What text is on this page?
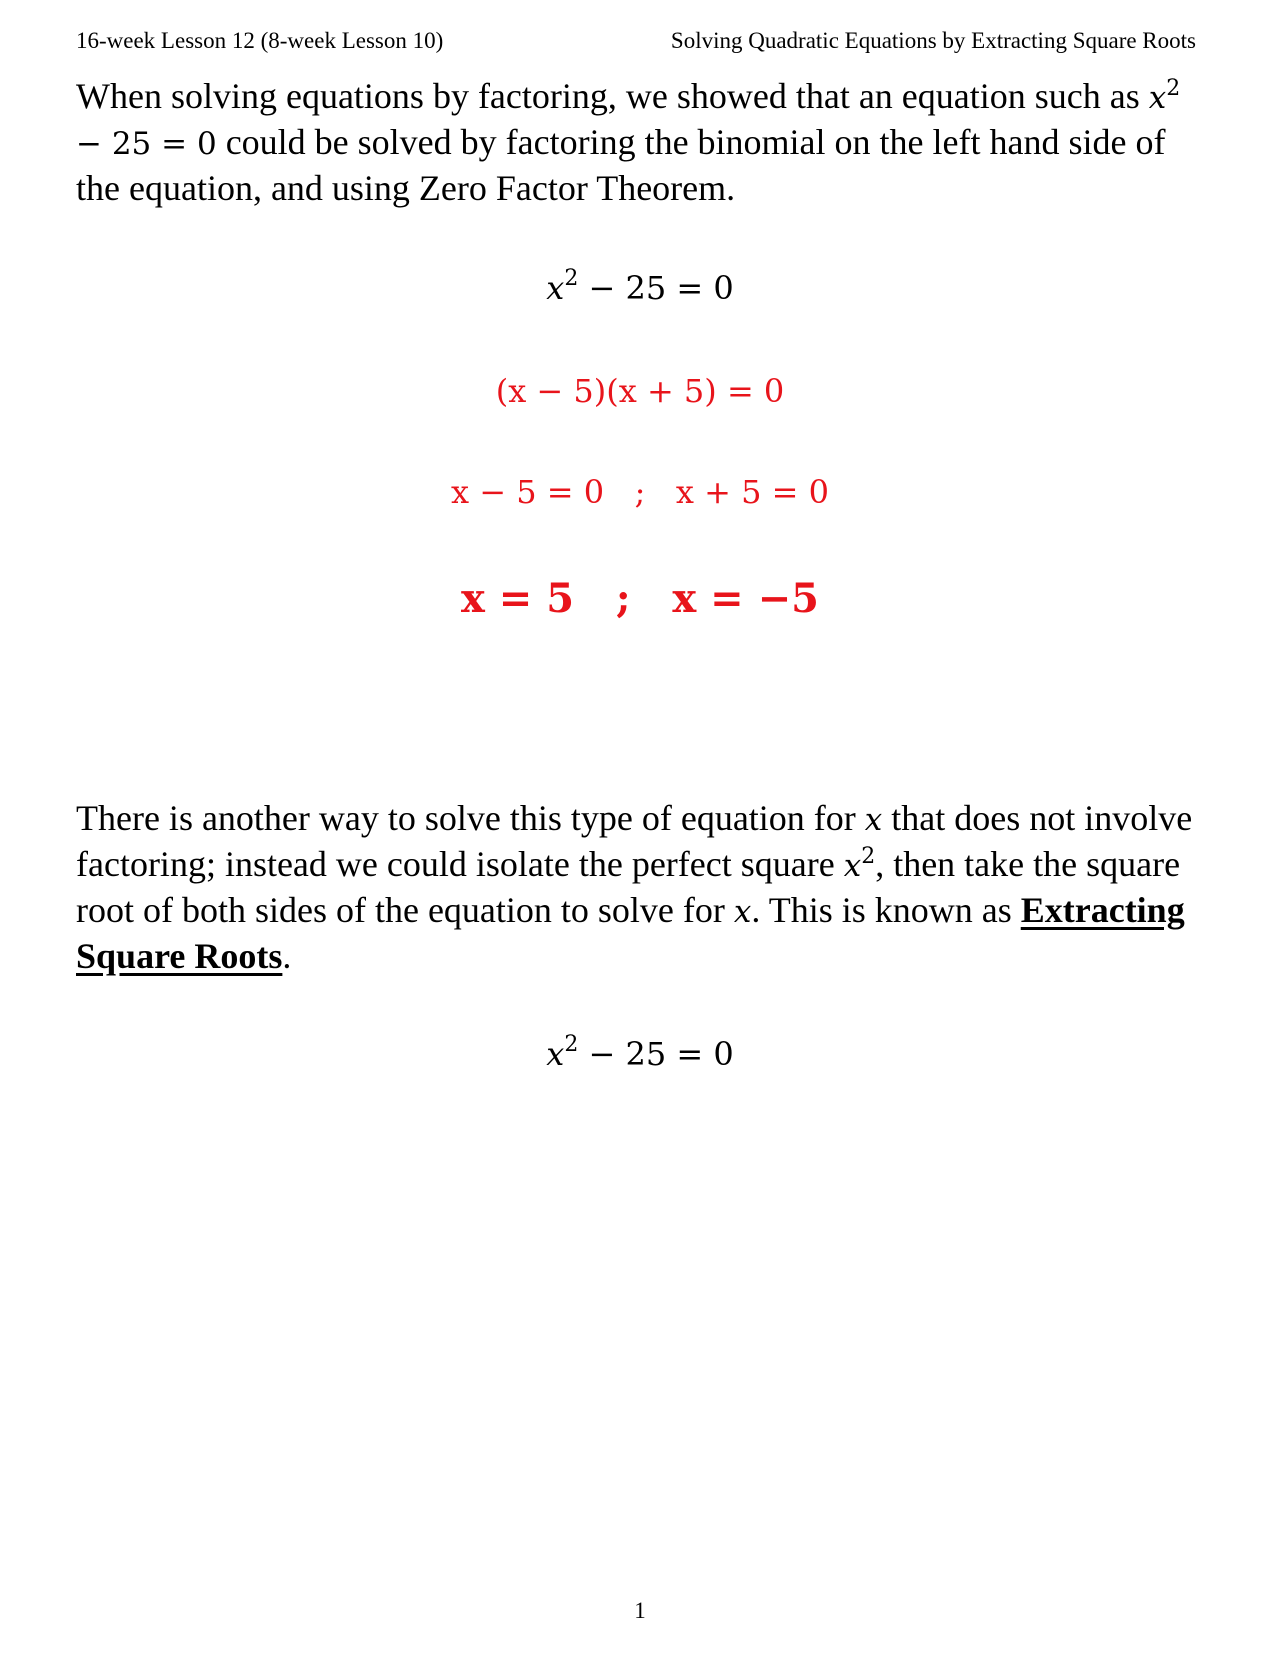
16-week Lesson 12 (8-week Lesson 10)	Solving Quadratic Equations by Extracting Square Roots

When solving equations by factoring, we showed that an equation such as $x^2 - 25 = 0$ could be solved by factoring the binomial on the left hand side of the equation, and using Zero Factor Theorem.

$x^2 - 25 = 0$
(x − 5)(x + 5) = 0
x − 5 = 0   ;   x + 5 = 0
x = 5   ;   x = −5

There is another way to solve this type of equation for x that does not involve factoring; instead we could isolate the perfect square $x^2$, then take the square root of both sides of the equation to solve for x. This is known as Extracting Square Roots.

$x^2 - 25 = 0$
1
